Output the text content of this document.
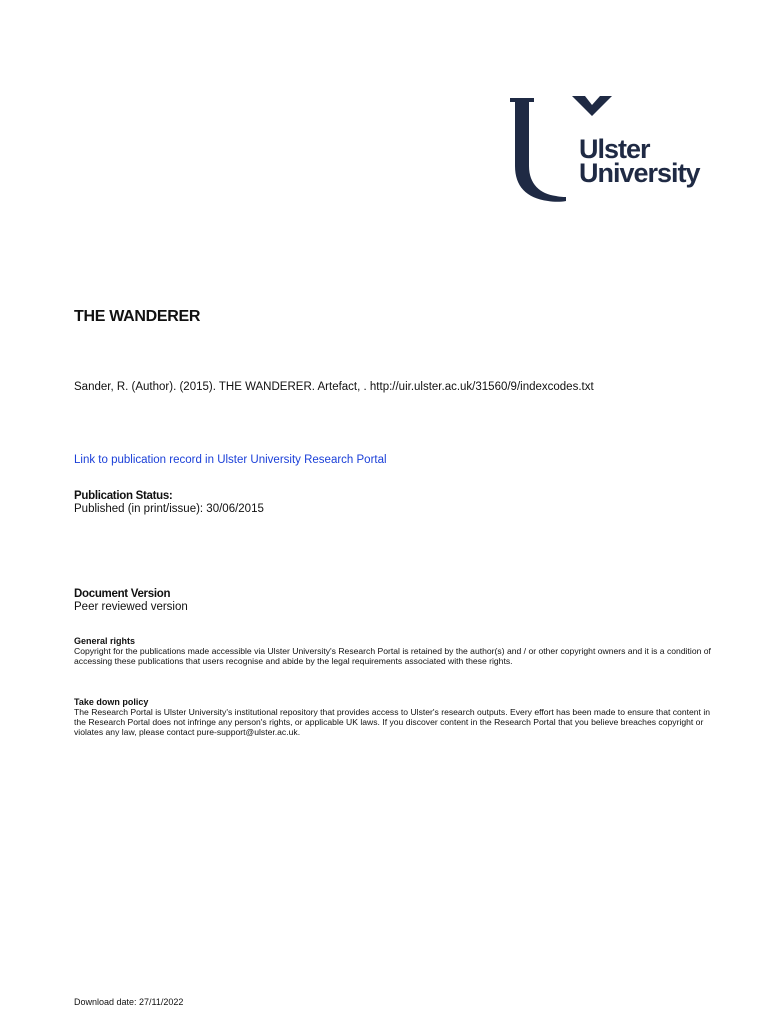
Ulster
University
THE WANDERER
Sander, R. (Author). (2015). THE WANDERER. Artefact, . http://uir.ulster.ac.uk/31560/9/indexcodes.txt
Link to publication record in Ulster University Research Portal
Publication Status:
Published (in print/issue): 30/06/2015
Document Version
Peer reviewed version
General rights
Copyright for the publications made accessible via Ulster University's Research Portal is retained by the author(s) and / or other copyright owners and it is a condition of accessing these publications that users recognise and abide by the legal requirements associated with these rights.
Take down policy
The Research Portal is Ulster University's institutional repository that provides access to Ulster's research outputs. Every effort has been made to ensure that content in the Research Portal does not infringe any person's rights, or applicable UK laws. If you discover content in the Research Portal that you believe breaches copyright or violates any law, please contact pure-support@ulster.ac.uk.
Download date: 27/11/2022
